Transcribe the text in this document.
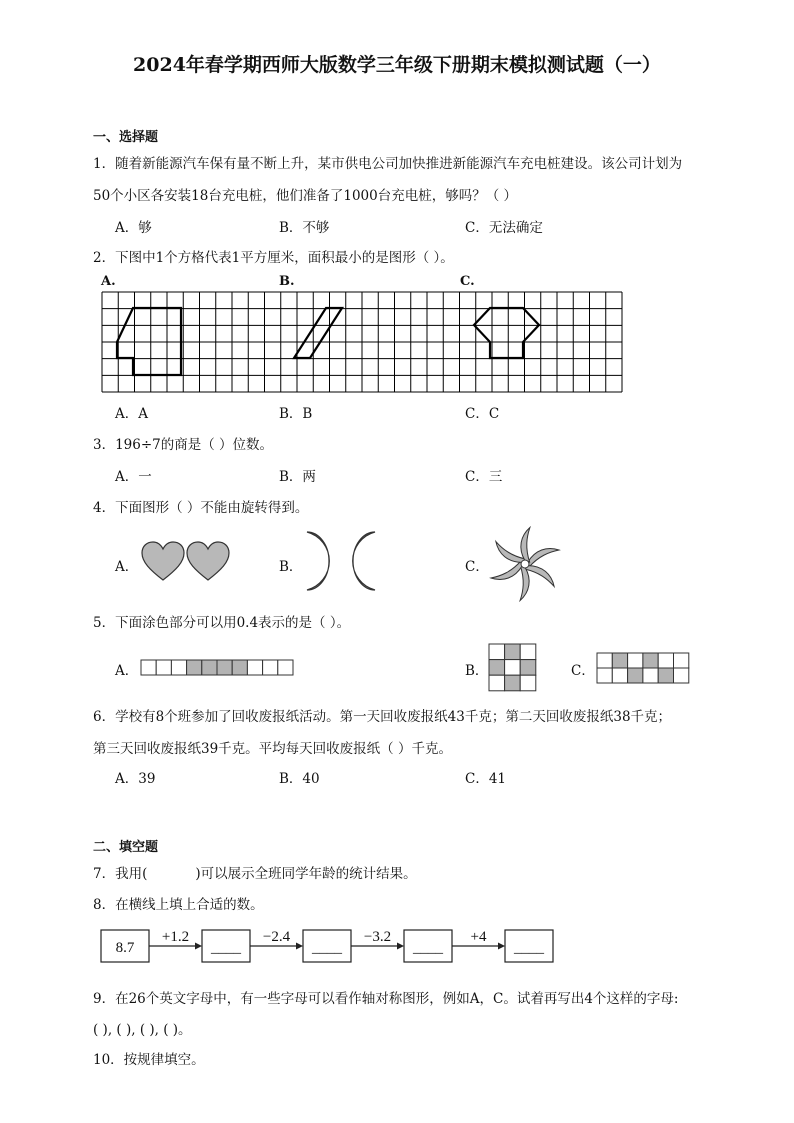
2024年春学期西师大版数学三年级下册期末模拟测试题（一）
一、选择题
1．随着新能源汽车保有量不断上升，某市供电公司加快推进新能源汽车充电桩建设。该公司计划为
50个小区各安装18台充电桩，他们准备了1000台充电桩，够吗？（ ）
A．够	B．不够	C．无法确定
2．下图中1个方格代表1平方厘米，面积最小的是图形（ ）。
A.	B.	C.
A．A	B．B	C．C
3．196÷7的商是（ ）位数。
A．一	B．两	C．三
4．下面图形（ ）不能由旋转得到。
A．	B．	C．
5．下面涂色部分可以用0.4表示的是（ ）。
A．	B．	C．
6．学校有8个班参加了回收废报纸活动。第一天回收废报纸43千克；第二天回收废报纸38千克；
第三天回收废报纸39千克。平均每天回收废报纸（ ）千克。
A．39	B．40	C．41
二、填空题
7．我用(	)可以展示全班同学年龄的统计结果。
8．在横线上填上合适的数。
8.7
+1.2
____
−2.4
____
−3.2
____
+4
____
9．在26个英文字母中，有一些字母可以看作轴对称图形，例如A，C。试着再写出4个这样的字母:
( ), ( ), ( ), ( )。
10．按规律填空。
